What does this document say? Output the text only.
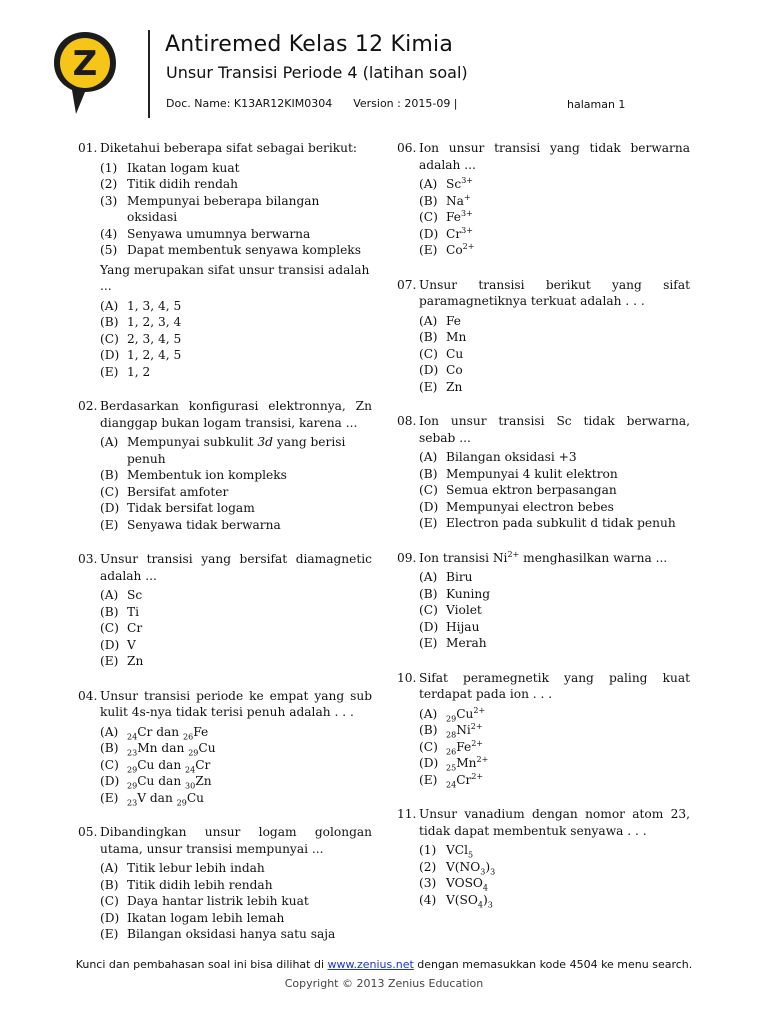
Z	Antiremed Kelas 12 Kimia
Unsur Transisi Periode 4 (latihan soal)
Doc. Name: K13AR12KIM0304 Version : 2015-09 |	halaman 1
01. Diketahui beberapa sifat sebagai berikut:
(1) Ikatan logam kuat
(2) Titik didih rendah
(3) Mempunyai beberapa bilangan oksidasi
(4) Senyawa umumnya berwarna
(5) Dapat membentuk senyawa kompleks
Yang merupakan sifat unsur transisi adalah ...
(A) 1, 3, 4, 5
(B) 1, 2, 3, 4
(C) 2, 3, 4, 5
(D) 1, 2, 4, 5
(E) 1, 2
02. Berdasarkan konfigurasi elektronnya, Zn dianggap bukan logam transisi, karena ...
(A) Mempunyai subkulit 3d yang berisi penuh
(B) Membentuk ion kompleks
(C) Bersifat amfoter
(D) Tidak bersifat logam
(E) Senyawa tidak berwarna
03. Unsur transisi yang bersifat diamagnetic adalah ...
(A) Sc
(B) Ti
(C) Cr
(D) V
(E) Zn
04. Unsur transisi periode ke empat yang sub kulit 4s-nya tidak terisi penuh adalah . . .
(A)	$_{24}$Cr dan $_{26}$Fe
(B)	$_{23}$Mn dan $_{29}$Cu
(C)	$_{29}$Cu dan $_{24}$Cr
(D) $_{29}$Cu dan $_{30}$Zn
(E)	$_{23}$V dan $_{29}$Cu
05. Dibandingkan unsur logam golongan utama, unsur transisi mempunyai ...
(A) Titik lebur lebih indah
(B) Titik didih lebih rendah
(C) Daya hantar listrik lebih kuat
(D) Ikatan logam lebih lemah
(E) Bilangan oksidasi hanya satu saja
06. Ion unsur transisi yang tidak berwarna adalah ...
(A) $Sc^{3+}$
(B) Na+
(C) $Fe^{3+}$
(D) $Cr^{3+}$
(E) $Co^{2+}$
07. Unsur transisi berikut yang sifat paramagnetiknya terkuat adalah . . .
(A) Fe
(B) Mn
(C) Cu
(D) Co
(E) Zn
08. Ion unsur transisi Sc tidak berwarna, sebab ...
(A) Bilangan oksidasi +3
(B) Mempunyai 4 kulit elektron
(C) Semua ektron berpasangan
(D) Mempunyai electron bebes
(E) Electron pada subkulit d tidak penuh
09. Ion transisi $Ni^{2+}$ menghasilkan warna ...
(A) Biru
(B) Kuning
(C) Violet
(D) Hijau
(E) Merah
10. Sifat peramegnetik yang paling kuat terdapat pada ion . . .
(A)	$_{29}Cu^{2+}$
(B)	$_{28}Ni^{2+}$
(C)	$_{26}Fe^{2+}$
(D) $_{25}Mn^{2+}$
(E)	$_{24}Cr^{2+}$
11. Unsur vanadium dengan nomor atom 23, tidak dapat membentuk senyawa . . .
(1) VCl$_5$
(2) $V(NO_3)_3$
(3) $VOSO_4$
(4) $V(SO_4)_3$
Kunci dan pembahasan soal ini bisa dilihat di www.zenius.net dengan memasukkan kode 4504 ke menu search.
Copyright © 2013 Zenius Education
